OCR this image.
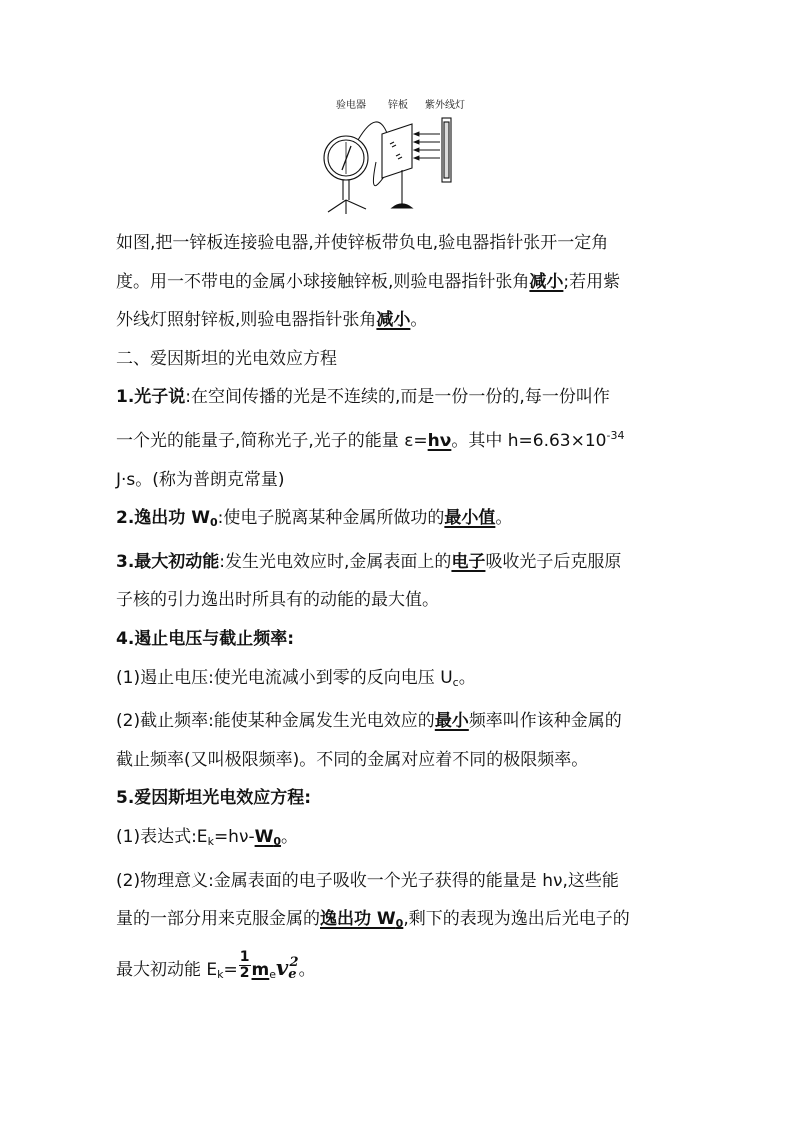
验电器 锌板 紫外线灯

如图,把一锌板连接验电器,并使锌板带负电,验电器指针张开一定角

度。用一不带电的金属小球接触锌板,则验电器指针张角减小;若用紫

外线灯照射锌板,则验电器指针张角减小。

二、爱因斯坦的光电效应方程

1.光子说:在空间传播的光是不连续的,而是一份一份的,每一份叫作

一个光的能量子,简称光子,光子的能量 ε=hν。其中 $h=6.63\times 10^{-34}$

J·s。(称为普朗克常量)

2.逸出功 $W_0$:使电子脱离某种金属所做功的最小值。

3.最大初动能:发生光电效应时,金属表面上的电子吸收光子后克服原

子核的引力逸出时所具有的动能的最大值。

4.遏止电压与截止频率:

(1)遏止电压:使光电流减小到零的反向电压 $U_c$。

(2)截止频率:能使某种金属发生光电效应的最小频率叫作该种金属的

截止频率(又叫极限频率)。不同的金属对应着不同的极限频率。

5.爱因斯坦光电效应方程:

(1)表达式$:E_k=h\nu-W_0$。

(2)物理意义:金属表面的电子吸收一个光子获得的能量是 hν,这些能

量的一部分用来克服金属的逸出功 $W_0$,剩下的表现为逸出后光电子的

最大初动能 $E_k= \frac{1}{2} m_eve^2$。
